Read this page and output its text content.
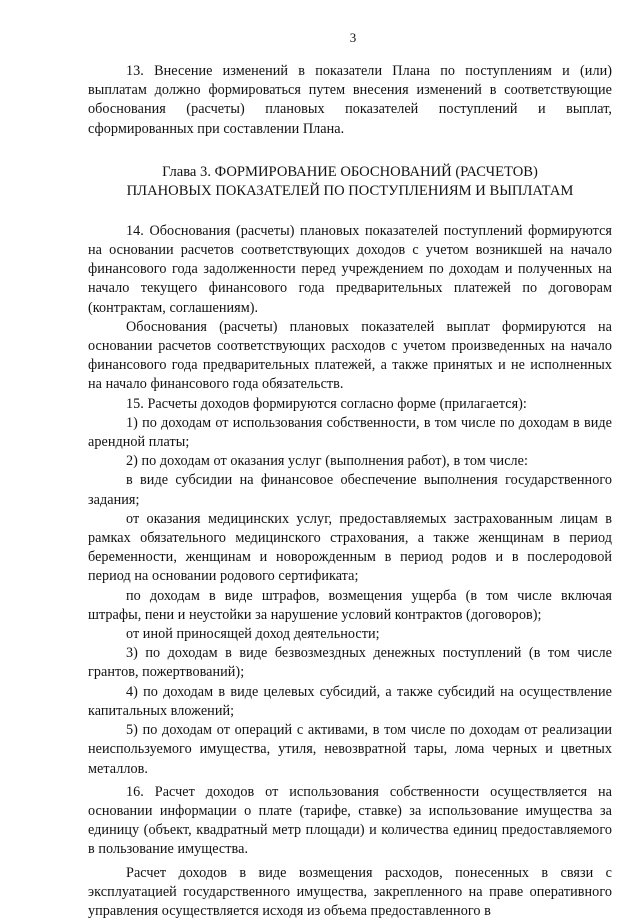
3

13. Внесение изменений в показатели Плана по поступлениям и (или) выплатам должно формироваться путем внесения изменений в соответствующие обоснования (расчеты) плановых показателей поступлений и выплат, сформированных при составлении Плана.

Глава 3. ФОРМИРОВАНИЕ ОБОСНОВАНИЙ (РАСЧЕТОВ)
ПЛАНОВЫХ ПОКАЗАТЕЛЕЙ ПО ПОСТУПЛЕНИЯМ И ВЫПЛАТАМ

14. Обоснования (расчеты) плановых показателей поступлений формируются на основании расчетов соответствующих доходов с учетом возникшей на начало финансового года задолженности перед учреждением по доходам и полученных на начало текущего финансового года предварительных платежей по договорам (контрактам, соглашениям).

Обоснования (расчеты) плановых показателей выплат формируются на основании расчетов соответствующих расходов с учетом произведенных на начало финансового года предварительных платежей, а также принятых и не исполненных на начало финансового года обязательств.

15. Расчеты доходов формируются согласно форме (прилагается):

1) по доходам от использования собственности, в том числе по доходам в виде арендной платы;

2) по доходам от оказания услуг (выполнения работ), в том числе:

в виде субсидии на финансовое обеспечение выполнения государственного задания;

от оказания медицинских услуг, предоставляемых застрахованным лицам в рамках обязательного медицинского страхования, а также женщинам в период беременности, женщинам и новорожденным в период родов и в послеродовой период на основании родового сертификата;

по доходам в виде штрафов, возмещения ущерба (в том числе включая штрафы, пени и неустойки за нарушение условий контрактов (договоров);

от иной приносящей доход деятельности;

3) по доходам в виде безвозмездных денежных поступлений (в том числе грантов, пожертвований);

4) по доходам в виде целевых субсидий, а также субсидий на осуществление капитальных вложений;

5) по доходам от операций с активами, в том числе по доходам от реализации неиспользуемого имущества, утиля, невозвратной тары, лома черных и цветных металлов.

16. Расчет доходов от использования собственности осуществляется на основании информации о плате (тарифе, ставке) за использование имущества за единицу (объект, квадратный метр площади) и количества единиц предоставляемого в пользование имущества.

Расчет доходов в виде возмещения расходов, понесенных в связи с эксплуатацией государственного имущества, закрепленного на праве оперативного управления осуществляется исходя из объема предоставленного в
